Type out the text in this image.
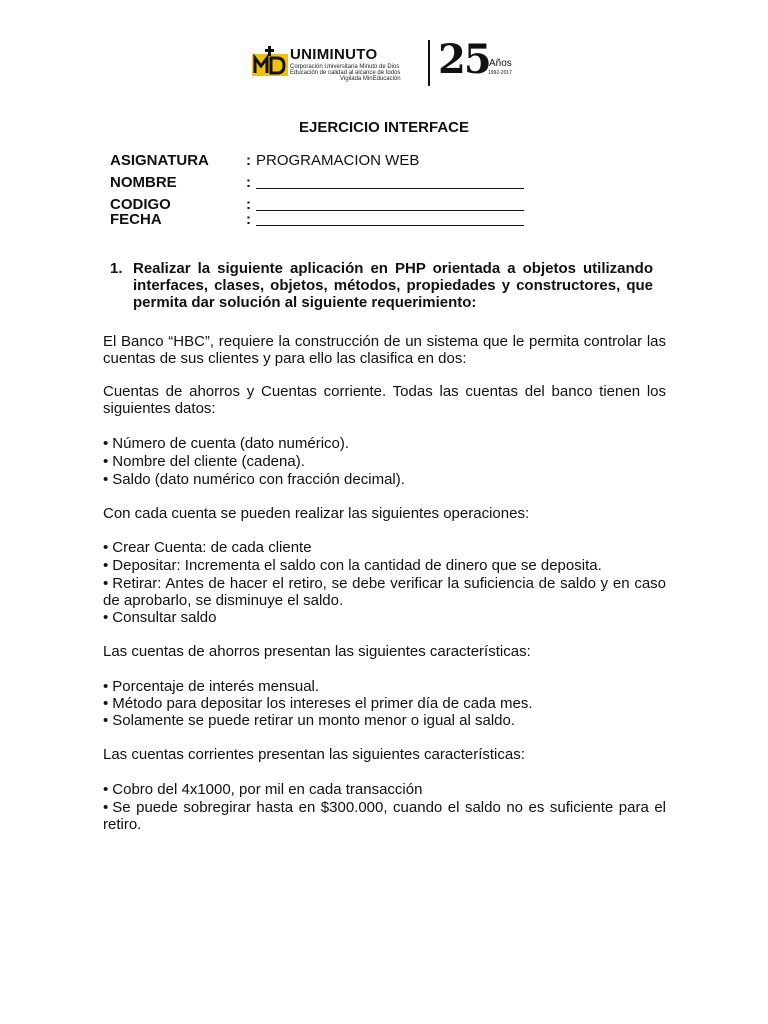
UNIMINUTO
Corporación Universitaria Minuto de Dios
Educación de calidad al alcance de todos
Vigilada MinEducación 25 Años
1992-2017
EJERCICIO INTERFACE
ASIGNATURA : PROGRAMACION WEB
NOMBRE	:
CODIGO	:
FECHA	:
1. Realizar la siguiente aplicación en PHP orientada a objetos utilizando interfaces, clases, objetos, métodos, propiedades y constructores, que permita dar solución al siguiente requerimiento:
El Banco “HBC”, requiere la construcción de un sistema que le permita controlar las cuentas de sus clientes y para ello las clasifica en dos:
Cuentas de ahorros y Cuentas corriente. Todas las cuentas del banco tienen los siguientes datos:
• Número de cuenta (dato numérico).
• Nombre del cliente (cadena).
• Saldo (dato numérico con fracción decimal).
Con cada cuenta se pueden realizar las siguientes operaciones:
• Crear Cuenta: de cada cliente
• Depositar: Incrementa el saldo con la cantidad de dinero que se deposita.
• Retirar: Antes de hacer el retiro, se debe verificar la suficiencia de saldo y en caso de aprobarlo, se disminuye el saldo.
• Consultar saldo
Las cuentas de ahorros presentan las siguientes características:
• Porcentaje de interés mensual.
• Método para depositar los intereses el primer día de cada mes.
• Solamente se puede retirar un monto menor o igual al saldo.
Las cuentas corrientes presentan las siguientes características:
• Cobro del 4x1000, por mil en cada transacción
• Se puede sobregirar hasta en $300.000, cuando el saldo no es suficiente para el retiro.
